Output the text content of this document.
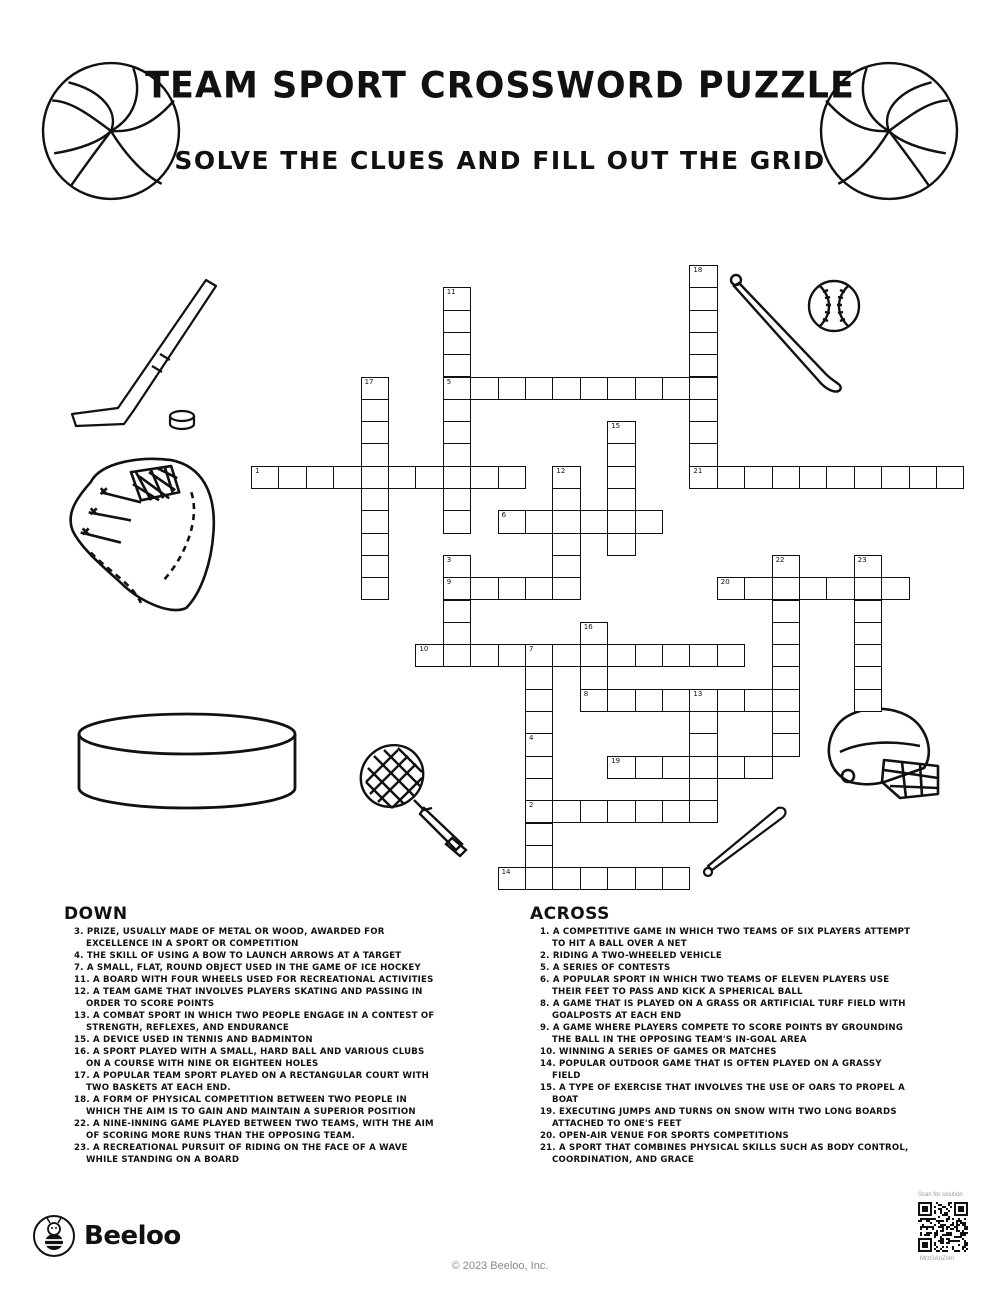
TEAM SPORT CROSSWORD PUZZLE
SOLVE THE CLUES AND FILL OUT THE GRID
1
2
3
9
4
5
6
7
8	13
10
11
12
14
15
16
17
18
19
20
21
22	23
DOWN
3. PRIZE, USUALLY MADE OF METAL OR WOOD, AWARDED FOR EXCELLENCE IN A SPORT OR COMPETITION
4. THE SKILL OF USING A BOW TO LAUNCH ARROWS AT A TARGET
7. A SMALL, FLAT, ROUND OBJECT USED IN THE GAME OF ICE HOCKEY
11. A BOARD WITH FOUR WHEELS USED FOR RECREATIONAL ACTIVITIES
12. A TEAM GAME THAT INVOLVES PLAYERS SKATING AND PASSING IN ORDER TO SCORE POINTS
13. A COMBAT SPORT IN WHICH TWO PEOPLE ENGAGE IN A CONTEST OF STRENGTH, REFLEXES, AND ENDURANCE
15. A DEVICE USED IN TENNIS AND BADMINTON
16. A SPORT PLAYED WITH A SMALL, HARD BALL AND VARIOUS CLUBS ON A COURSE WITH NINE OR EIGHTEEN HOLES
17. A POPULAR TEAM SPORT PLAYED ON A RECTANGULAR COURT WITH TWO BASKETS AT EACH END.
18. A FORM OF PHYSICAL COMPETITION BETWEEN TWO PEOPLE IN WHICH THE AIM IS TO GAIN AND MAINTAIN A SUPERIOR POSITION
22. A NINE-INNING GAME PLAYED BETWEEN TWO TEAMS, WITH THE AIM OF SCORING MORE RUNS THAN THE OPPOSING TEAM.
23. A RECREATIONAL PURSUIT OF RIDING ON THE FACE OF A WAVE WHILE STANDING ON A BOARD
ACROSS
1. A COMPETITIVE GAME IN WHICH TWO TEAMS OF SIX PLAYERS ATTEMPT TO HIT A BALL OVER A NET
2. RIDING A TWO-WHEELED VEHICLE
5. A SERIES OF CONTESTS
6. A POPULAR SPORT IN WHICH TWO TEAMS OF ELEVEN PLAYERS USE THEIR FEET TO PASS AND KICK A SPHERICAL BALL
8. A GAME THAT IS PLAYED ON A GRASS OR ARTIFICIAL TURF FIELD WITH GOALPOSTS AT EACH END
9. A GAME WHERE PLAYERS COMPETE TO SCORE POINTS BY GROUNDING THE BALL IN THE OPPOSING TEAM'S IN-GOAL AREA
10. WINNING A SERIES OF GAMES OR MATCHES
14. POPULAR OUTDOOR GAME THAT IS OFTEN PLAYED ON A GRASSY FIELD
15. A TYPE OF EXERCISE THAT INVOLVES THE USE OF OARS TO PROPEL A BOAT
19. EXECUTING JUMPS AND TURNS ON SNOW WITH TWO LONG BOARDS ATTACHED TO ONE'S FEET
20. OPEN-AIR VENUE FOR SPORTS COMPETITIONS
21. A SPORT THAT COMBINES PHYSICAL SKILLS SUCH AS BODY CONTROL, COORDINATION, AND GRACE
Beeloo
© 2023 Beeloo, Inc.
Scan for solution
MrzGAnZnm
